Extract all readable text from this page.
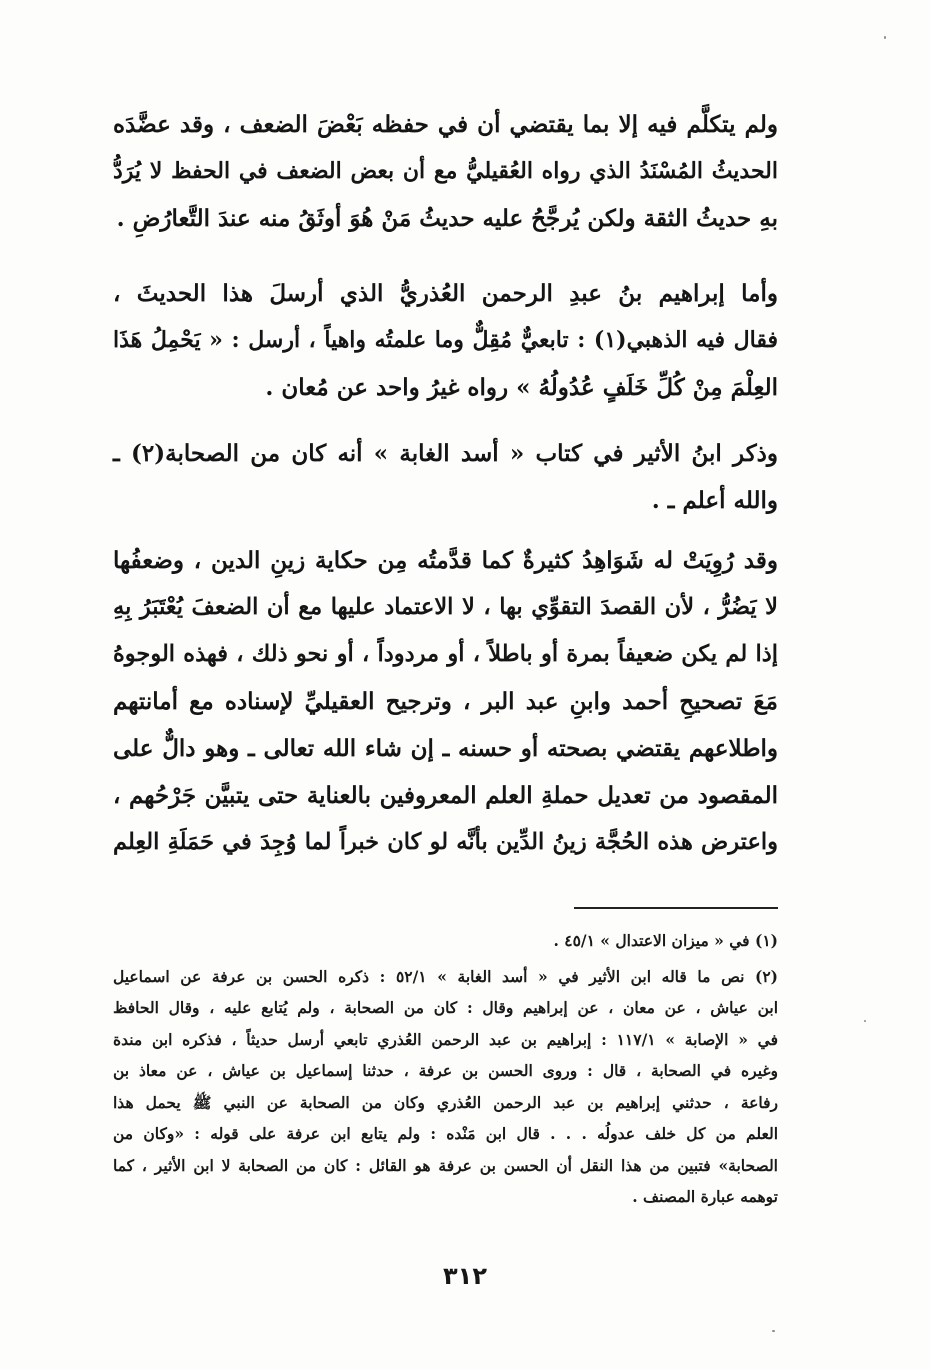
ولم يتكلَّم فيه إلا بما يقتضي أن في حفظه بَعْضَ الضعف ، وقد عضَّدَه
الحديثُ المُسْنَدُ الذي رواه العُقيليُّ مع أن بعض الضعف في الحفظ لا يُرَدُّ
بهِ حديثُ الثقة ولكن يُرجَّحُ عليه حديثُ مَنْ هُوَ أوثَقُ منه عندَ التَّعارُضِ .
وأما إبراهيم بنُ عبدِ الرحمن العُذريُّ الذي أرسلَ هذا الحديثَ ،
فقال فيه الذهبي(١) : تابعيٌّ مُقِلٌّ وما علمتُه واهياً ، أرسل : « يَحْمِلُ هَذَا
العِلْمَ مِنْ كُلِّ خَلَفٍ عُدُولُهُ » رواه غيرُ واحد عن مُعان .
وذكر ابنُ الأثير في كتاب « أسد الغابة » أنه كان من الصحابة(٢) ـ
والله أعلم ـ .
وقد رُوِيَتْ له شَوَاهِدُ كثيرةٌ كما قدَّمتُه مِن حكاية زينِ الدين ، وضعفُها
لا يَضُرُّ ، لأن القصدَ التقوِّي بها ، لا الاعتماد عليها مع أن الضعفَ يُعْتَبَرُ بِهِ
إذا لم يكن ضعيفاً بمرة أو باطلاً ، أو مردوداً ، أو نحو ذلك ، فهذه الوجوهُ
مَعَ تصحيحِ أحمد وابنِ عبد البر ، وترجيح العقيليِّ لإسناده مع أمانتهم
واطلاعهم يقتضي بصحته أو حسنه ـ إن شاء الله تعالى ـ وهو دالٌّ على
المقصود من تعديل حملةِ العلم المعروفين بالعناية حتى يتبيَّن جَرْحُهم ،
واعترض هذه الحُجَّة زينُ الدِّين بأنَّه لو كان خبراً لما وُجِدَ في حَمَلَةِ العِلم
(١) في « ميزان الاعتدال » ٤٥/١ .
(٢) نص ما قاله ابن الأثير في « أسد الغابة » ٥٢/١ : ذكره الحسن بن عرفة عن اسماعيل
ابن عياش ، عن معان ، عن إبراهيم وقال : كان من الصحابة ، ولم يُتابع عليه ، وقال الحافظ
في « الإصابة » ١١٧/١ : إبراهيم بن عبد الرحمن العُذري تابعي أرسل حديثاً ، فذكره ابن مندة
وغيره في الصحابة ، قال : وروى الحسن بن عرفة ، حدثنا إسماعيل بن عياش ، عن معاذ بن
رفاعة ، حدثني إبراهيم بن عبد الرحمن العُذري وكان من الصحابة عن النبي ﷺ يحمل هذا
العلم من كل خلف عدولُه . . . قال ابن مَنْده : ولم يتابع ابن عرفة على قوله : «وكان من
الصحابة» فتبين من هذا النقل أن الحسن بن عرفة هو القائل : كان من الصحابة لا ابن الأثير ، كما
توهمه عبارة المصنف .
٣١٢
